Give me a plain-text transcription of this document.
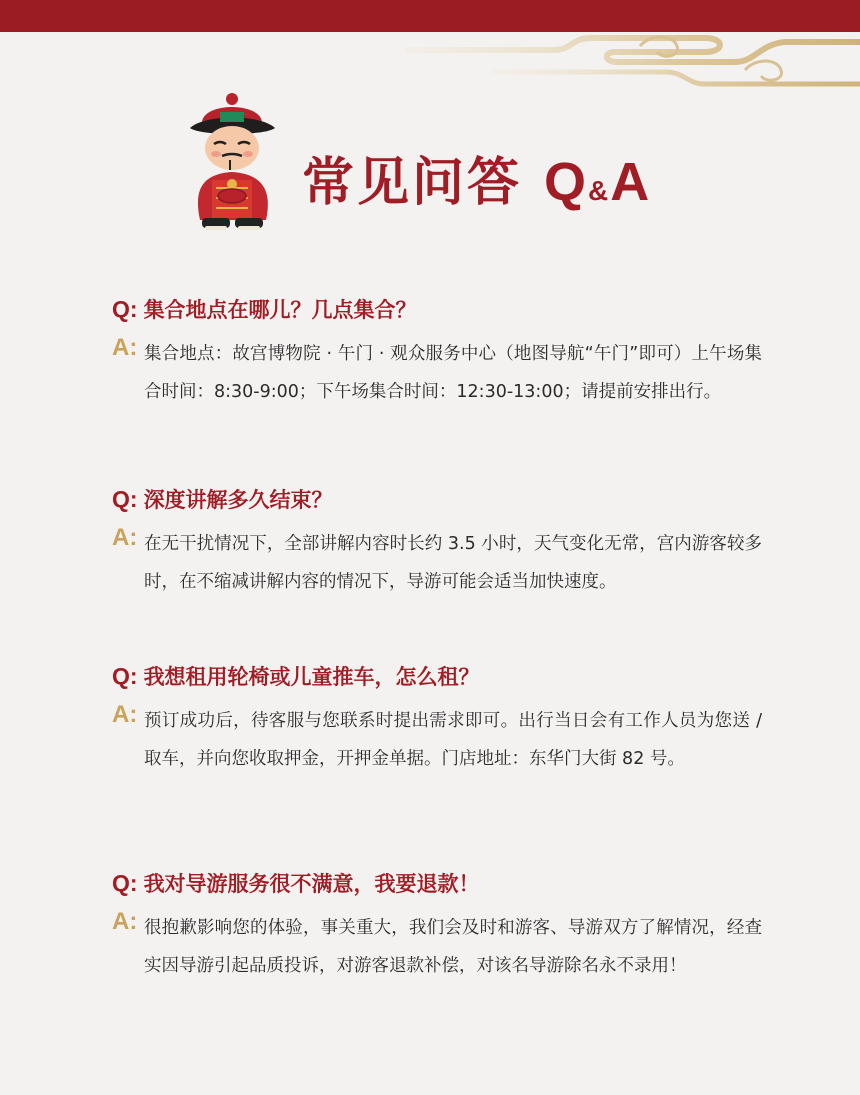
常见问答 Q & A
Q: 集合地点在哪儿？几点集合？
A: 集合地点：故宫博物院 · 午门 · 观众服务中心（地图导航“午门”即可）上午场集合时间：8:30-9:00；下午场集合时间：12:30-13:00；请提前安排出行。
Q: 深度讲解多久结束？
A: 在无干扰情况下，全部讲解内容时长约 3.5 小时，天气变化无常，宫内游客较多时，在不缩减讲解内容的情况下，导游可能会适当加快速度。
Q: 我想租用轮椅或儿童推车，怎么租？
A: 预订成功后，待客服与您联系时提出需求即可。出行当日会有工作人员为您送 / 取车，并向您收取押金，开押金单据。门店地址：东华门大街 82 号。
Q: 我对导游服务很不满意，我要退款！
A: 很抱歉影响您的体验，事关重大，我们会及时和游客、导游双方了解情况，经查实因导游引起品质投诉，对游客退款补偿，对该名导游除名永不录用！
